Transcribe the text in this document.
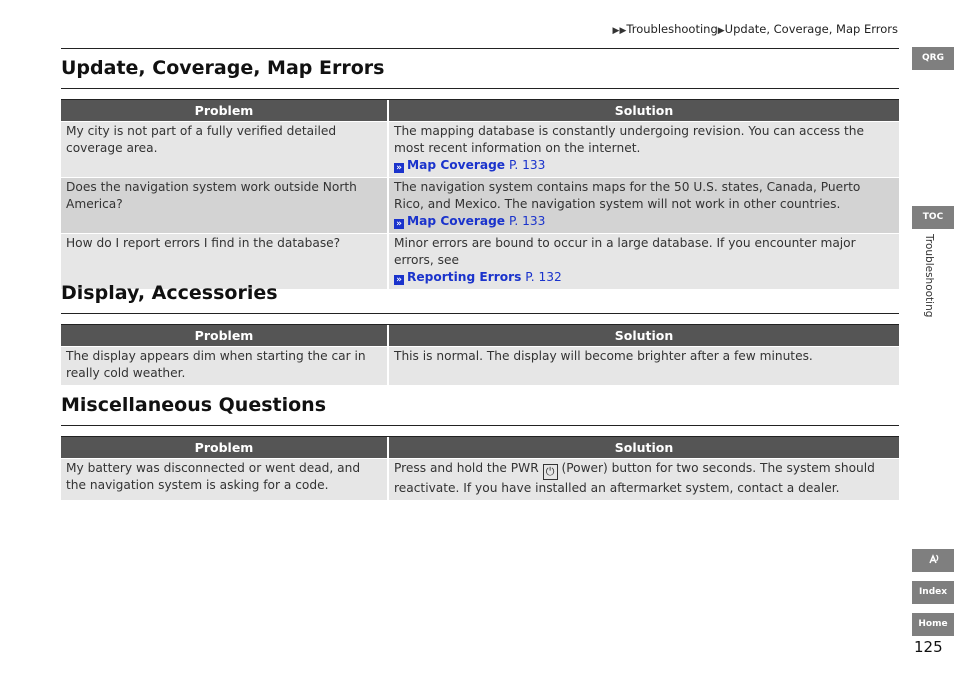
▶▶Troubleshooting▶Update, Coverage, Map Errors
Update, Coverage, Map Errors
Problem	Solution
My city is not part of a fully verified detailed coverage area.	The mapping database is constantly undergoing revision. You can access the most recent information on the internet.
» Map Coverage P. 133
Does the navigation system work outside North America?	The navigation system contains maps for the 50 U.S. states, Canada, Puerto Rico, and Mexico. The navigation system will not work in other countries.
» Map Coverage P. 133
How do I report errors I find in the database?	Minor errors are bound to occur in a large database. If you encounter major errors, see
» Reporting Errors P. 132
Display, Accessories
Problem	Solution
The display appears dim when starting the car in really cold weather.	This is normal. The display will become brighter after a few minutes.
Miscellaneous Questions
Problem	Solution
My battery was disconnected or went dead, and the navigation system is asking for a code.	Press and hold the PWR ⏻ (Power) button for two seconds. The system should reactivate. If you have installed an aftermarket system, contact a dealer.
QRG
TOC
Troubleshooting
Index
Home
125
